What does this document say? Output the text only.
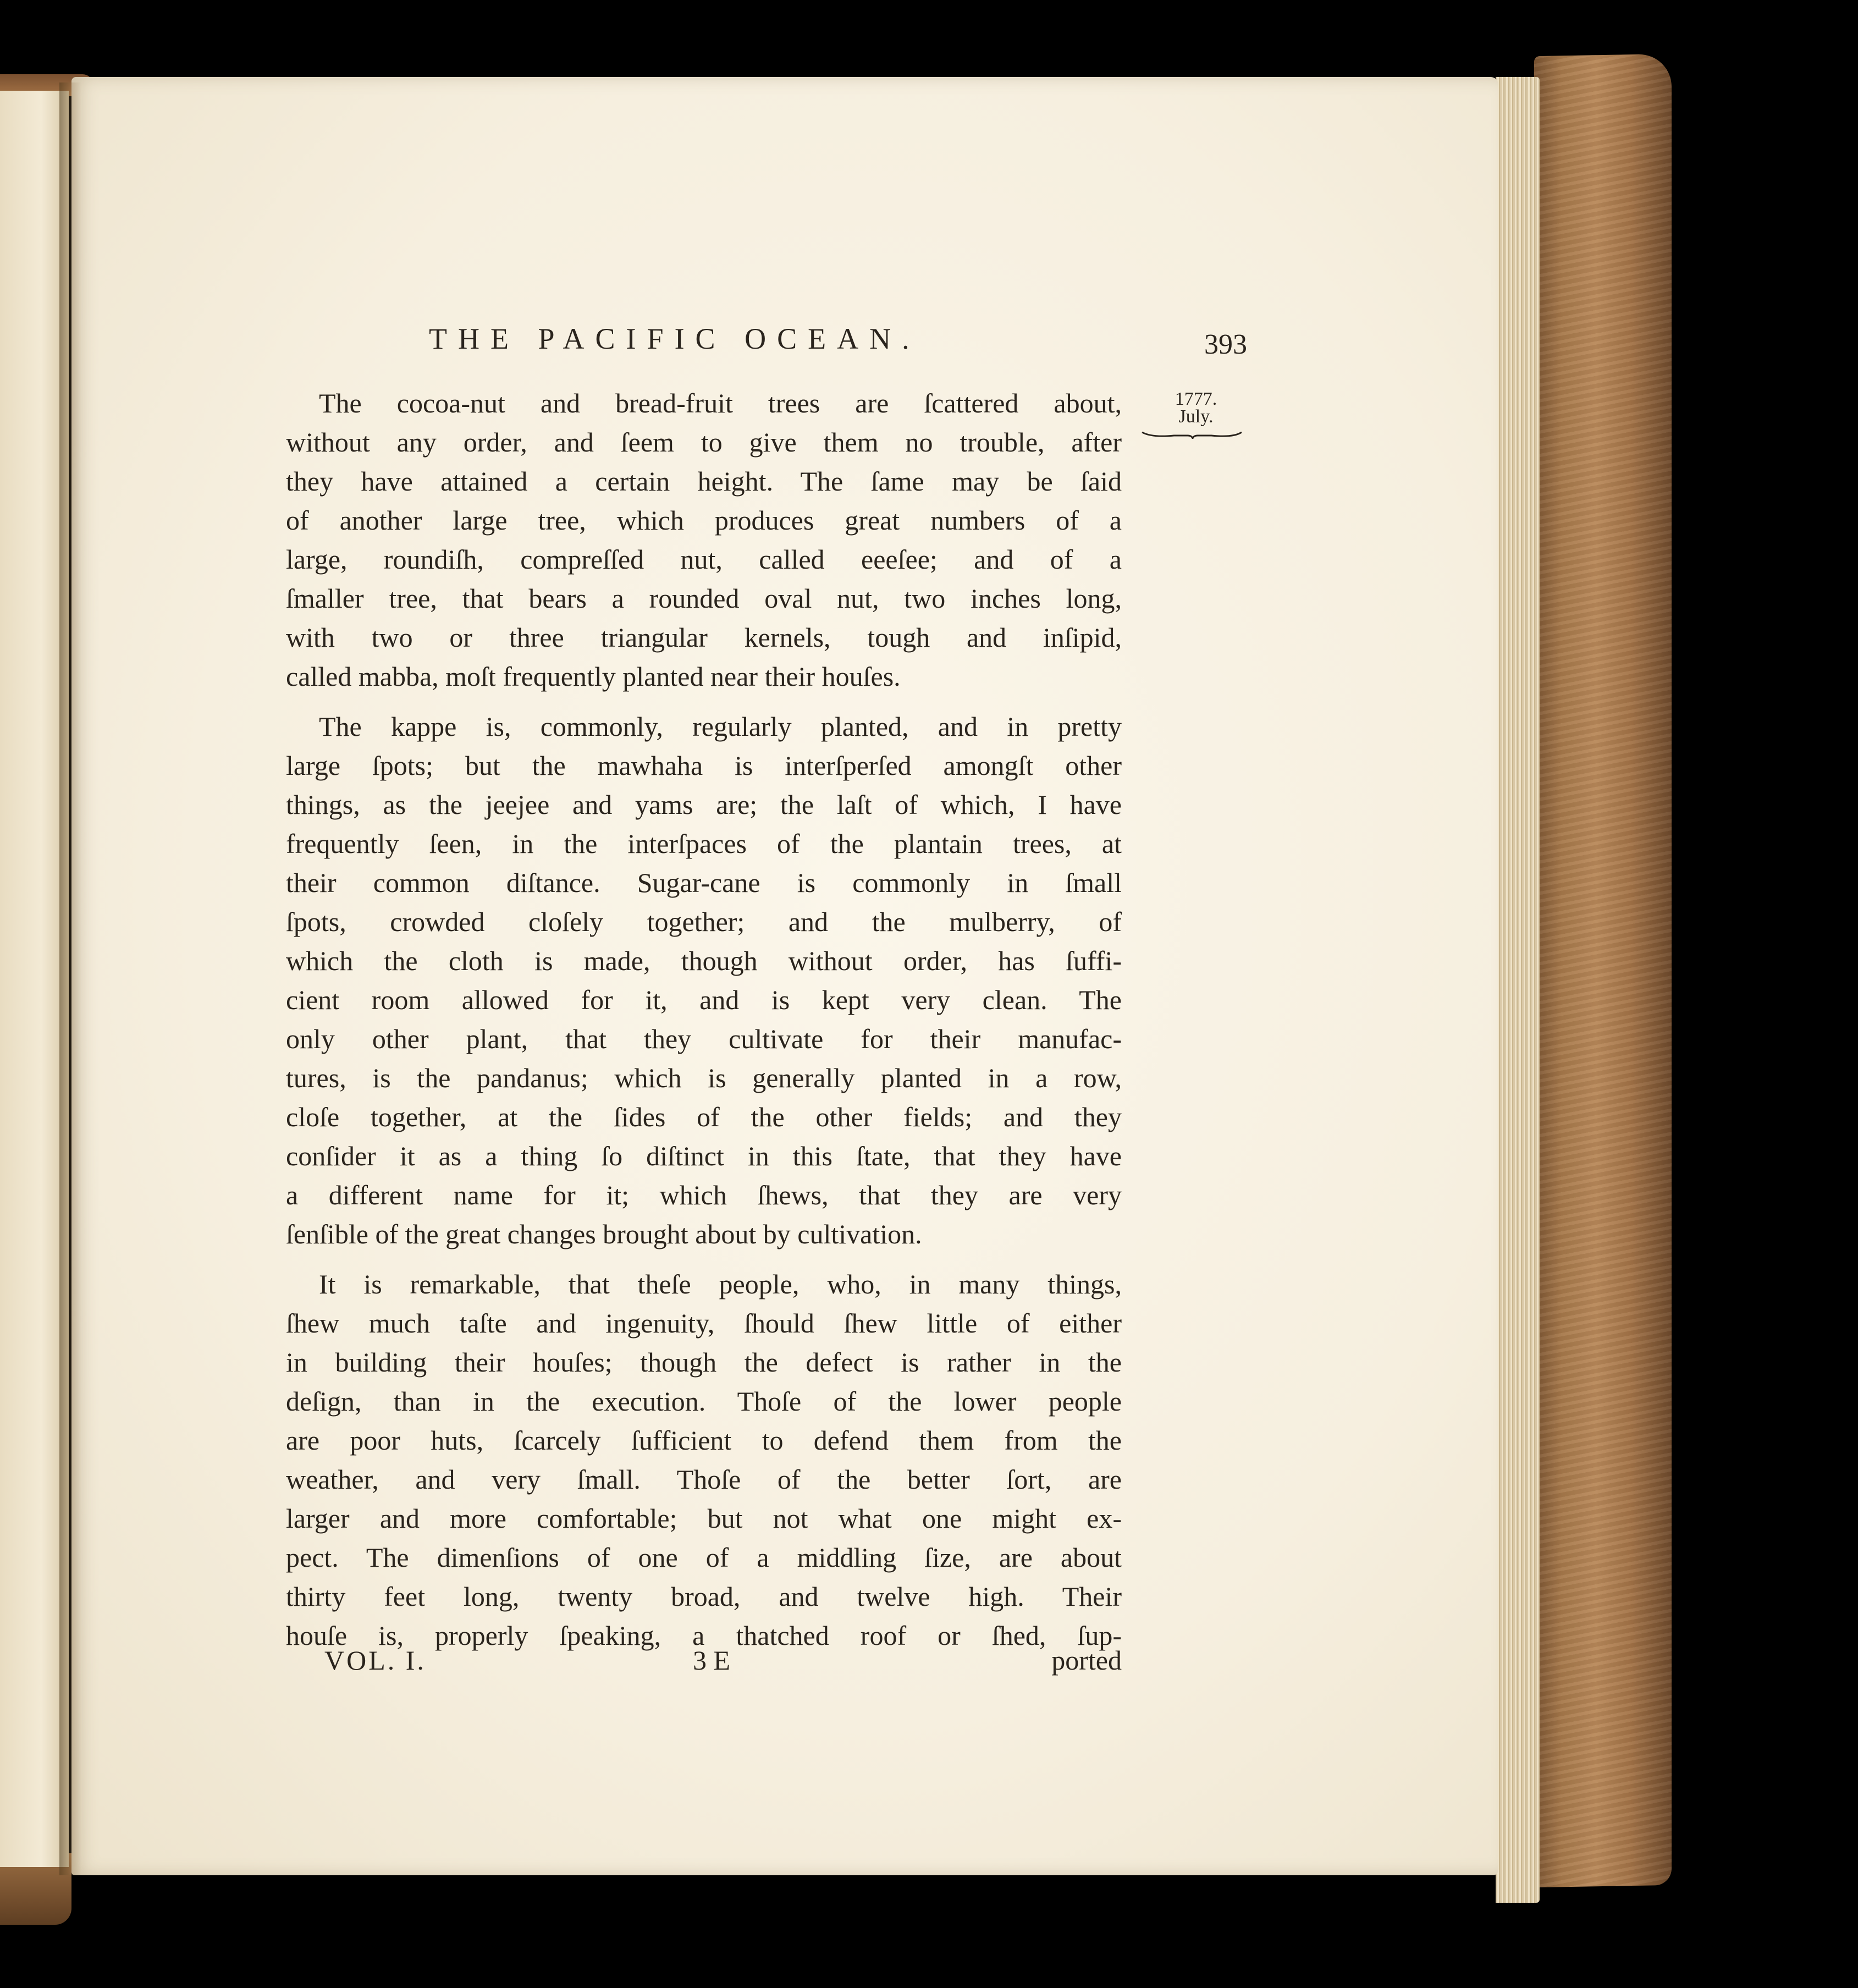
THE PACIFIC OCEAN.	393
1777.
July.
The cocoa-nut and bread-fruit trees are ſcattered about,
without any order, and ſeem to give them no trouble, after
they have attained a certain height. The ſame may be ſaid
of another large tree, which produces great numbers of a
large, roundiſh, compreſſed nut, called eeeſee; and of a
ſmaller tree, that bears a rounded oval nut, two inches long,
with two or three triangular kernels, tough and inſipid,
called mabba, moſt frequently planted near their houſes.
The kappe is, commonly, regularly planted, and in pretty
large ſpots; but the mawhaha is interſperſed amongſt other
things, as the jeejee and yams are; the laſt of which, I have
frequently ſeen, in the interſpaces of the plantain trees, at
their common diſtance. Sugar-cane is commonly in ſmall
ſpots, crowded cloſely together; and the mulberry, of
which the cloth is made, though without order, has ſuffi-
cient room allowed for it, and is kept very clean. The
only other plant, that they cultivate for their manufac-
tures, is the pandanus; which is generally planted in a row,
cloſe together, at the ſides of the other fields; and they
conſider it as a thing ſo diſtinct in this ſtate, that they have
a different name for it; which ſhews, that they are very
ſenſible of the great changes brought about by cultivation.
It is remarkable, that theſe people, who, in many things,
ſhew much taſte and ingenuity, ſhould ſhew little of either
in building their houſes; though the defect is rather in the
deſign, than in the execution. Thoſe of the lower people
are poor huts, ſcarcely ſufficient to defend them from the
weather, and very ſmall. Thoſe of the better ſort, are
larger and more comfortable; but not what one might ex-
pect. The dimenſions of one of a middling ſize, are about
thirty feet long, twenty broad, and twelve high. Their
houſe is, properly ſpeaking, a thatched roof or ſhed, ſup-
VOL. I.	3 E	ported
